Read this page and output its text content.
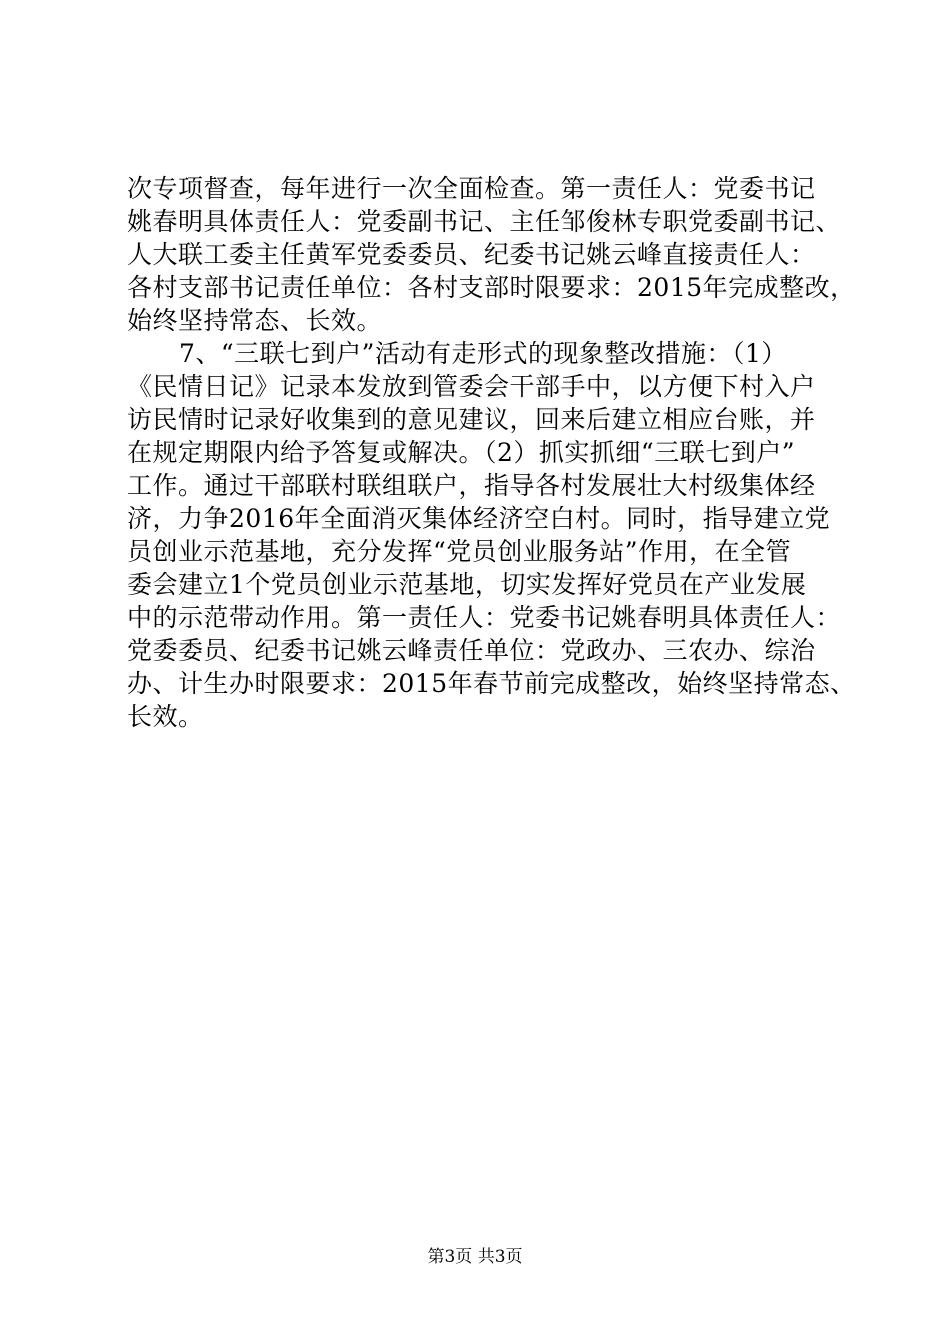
次专项督查，每年进行一次全面检查。第一责任人：党委书记
姚春明具体责任人：党委副书记、主任邹俊林专职党委副书记、
人大联工委主任黄军党委委员、纪委书记姚云峰直接责任人：
各村支部书记责任单位：各村支部时限要求：2015年完成整改，
始终坚持常态、长效。
7、“三联七到户”活动有走形式的现象整改措施：（1）
《民情日记》记录本发放到管委会干部手中，以方便下村入户
访民情时记录好收集到的意见建议，回来后建立相应台账，并
在规定期限内给予答复或解决。（2）抓实抓细“三联七到户”
工作。通过干部联村联组联户，指导各村发展壮大村级集体经
济，力争2016年全面消灭集体经济空白村。同时，指导建立党
员创业示范基地，充分发挥“党员创业服务站”作用，在全管
委会建立1个党员创业示范基地，切实发挥好党员在产业发展
中的示范带动作用。第一责任人：党委书记姚春明具体责任人：
党委委员、纪委书记姚云峰责任单位：党政办、三农办、综治
办、计生办时限要求：2015年春节前完成整改，始终坚持常态、
长效。
第3页 共3页
